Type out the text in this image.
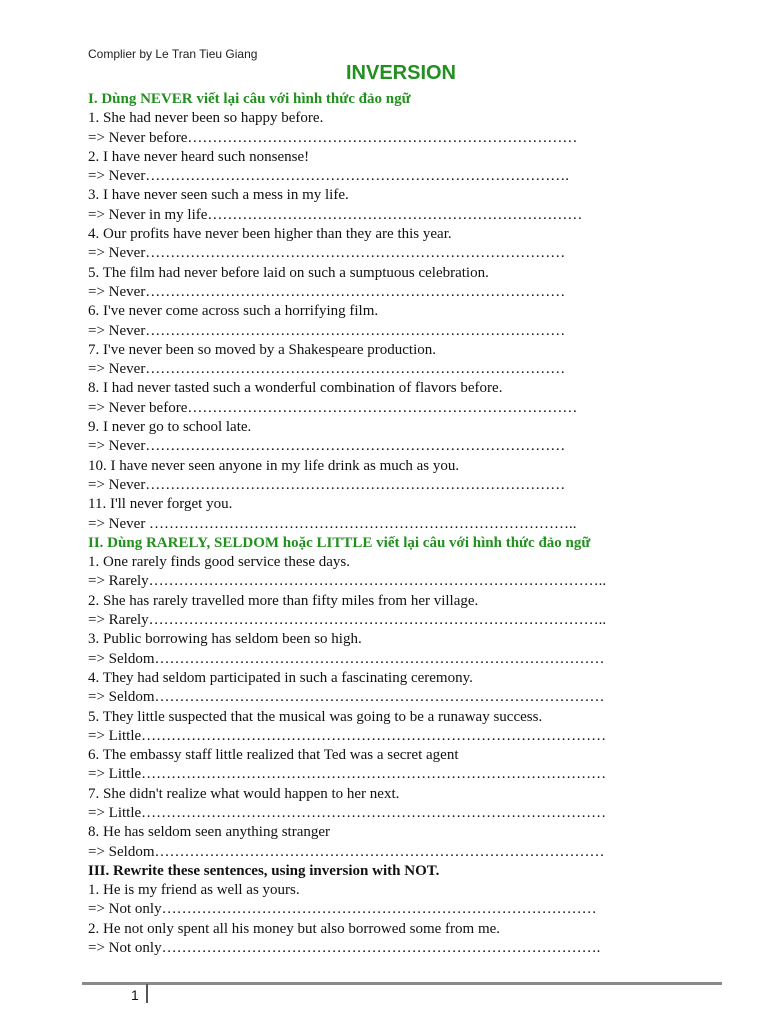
Complier by Le Tran Tieu Giang
INVERSION
I. Dùng NEVER viết lại câu với hình thức đảo ngữ
1. She had never been so happy before.
=> Never before……………………………………………………………………
2. I have never heard such nonsense!
=> Never………………………………………………………………………….
3. I have never seen such a mess in my life.
=> Never in my life…………………………………………………………………
4. Our profits have never been higher than they are this year.
=> Never…………………………………………………………………………
5. The film had never before laid on such a sumptuous celebration.
=> Never…………………………………………………………………………
6. I've never come across such a horrifying film.
=> Never…………………………………………………………………………
7. I've never been so moved by a Shakespeare production.
=> Never…………………………………………………………………………
8. I had never tasted such a wonderful combination of flavors before.
=> Never before……………………………………………………………………
9. I never go to school late.
=> Never…………………………………………………………………………
10. I have never seen anyone in my life drink as much as you.
=> Never…………………………………………………………………………
11. I'll never forget you.
=> Never …………………………………………………………………………..
II. Dùng RARELY, SELDOM hoặc LITTLE viết lại câu với hình thức đảo ngữ
1. One rarely finds good service these days.
=> Rarely………………………………………………………………………………..
2. She has rarely travelled more than fifty miles from her village.
=> Rarely………………………………………………………………………………..
3. Public borrowing has seldom been so high.
=> Seldom………………………………………………………………………………
4. They had seldom participated in such a fascinating ceremony.
=> Seldom………………………………………………………………………………
5. They little suspected that the musical was going to be a runaway success.
=> Little…………………………………………………………………………………
6. The embassy staff little realized that Ted was a secret agent
=> Little…………………………………………………………………………………
7. She didn't realize what would happen to her next.
=> Little…………………………………………………………………………………
8. He has seldom seen anything stranger
=> Seldom………………………………………………………………………………
III. Rewrite these sentences, using inversion with NOT.
1. He is my friend as well as yours.
=> Not only……………………………………………………………………………
2. He not only spent all his money but also borrowed some from me.
=> Not only…………………………………………………………………………….
1
